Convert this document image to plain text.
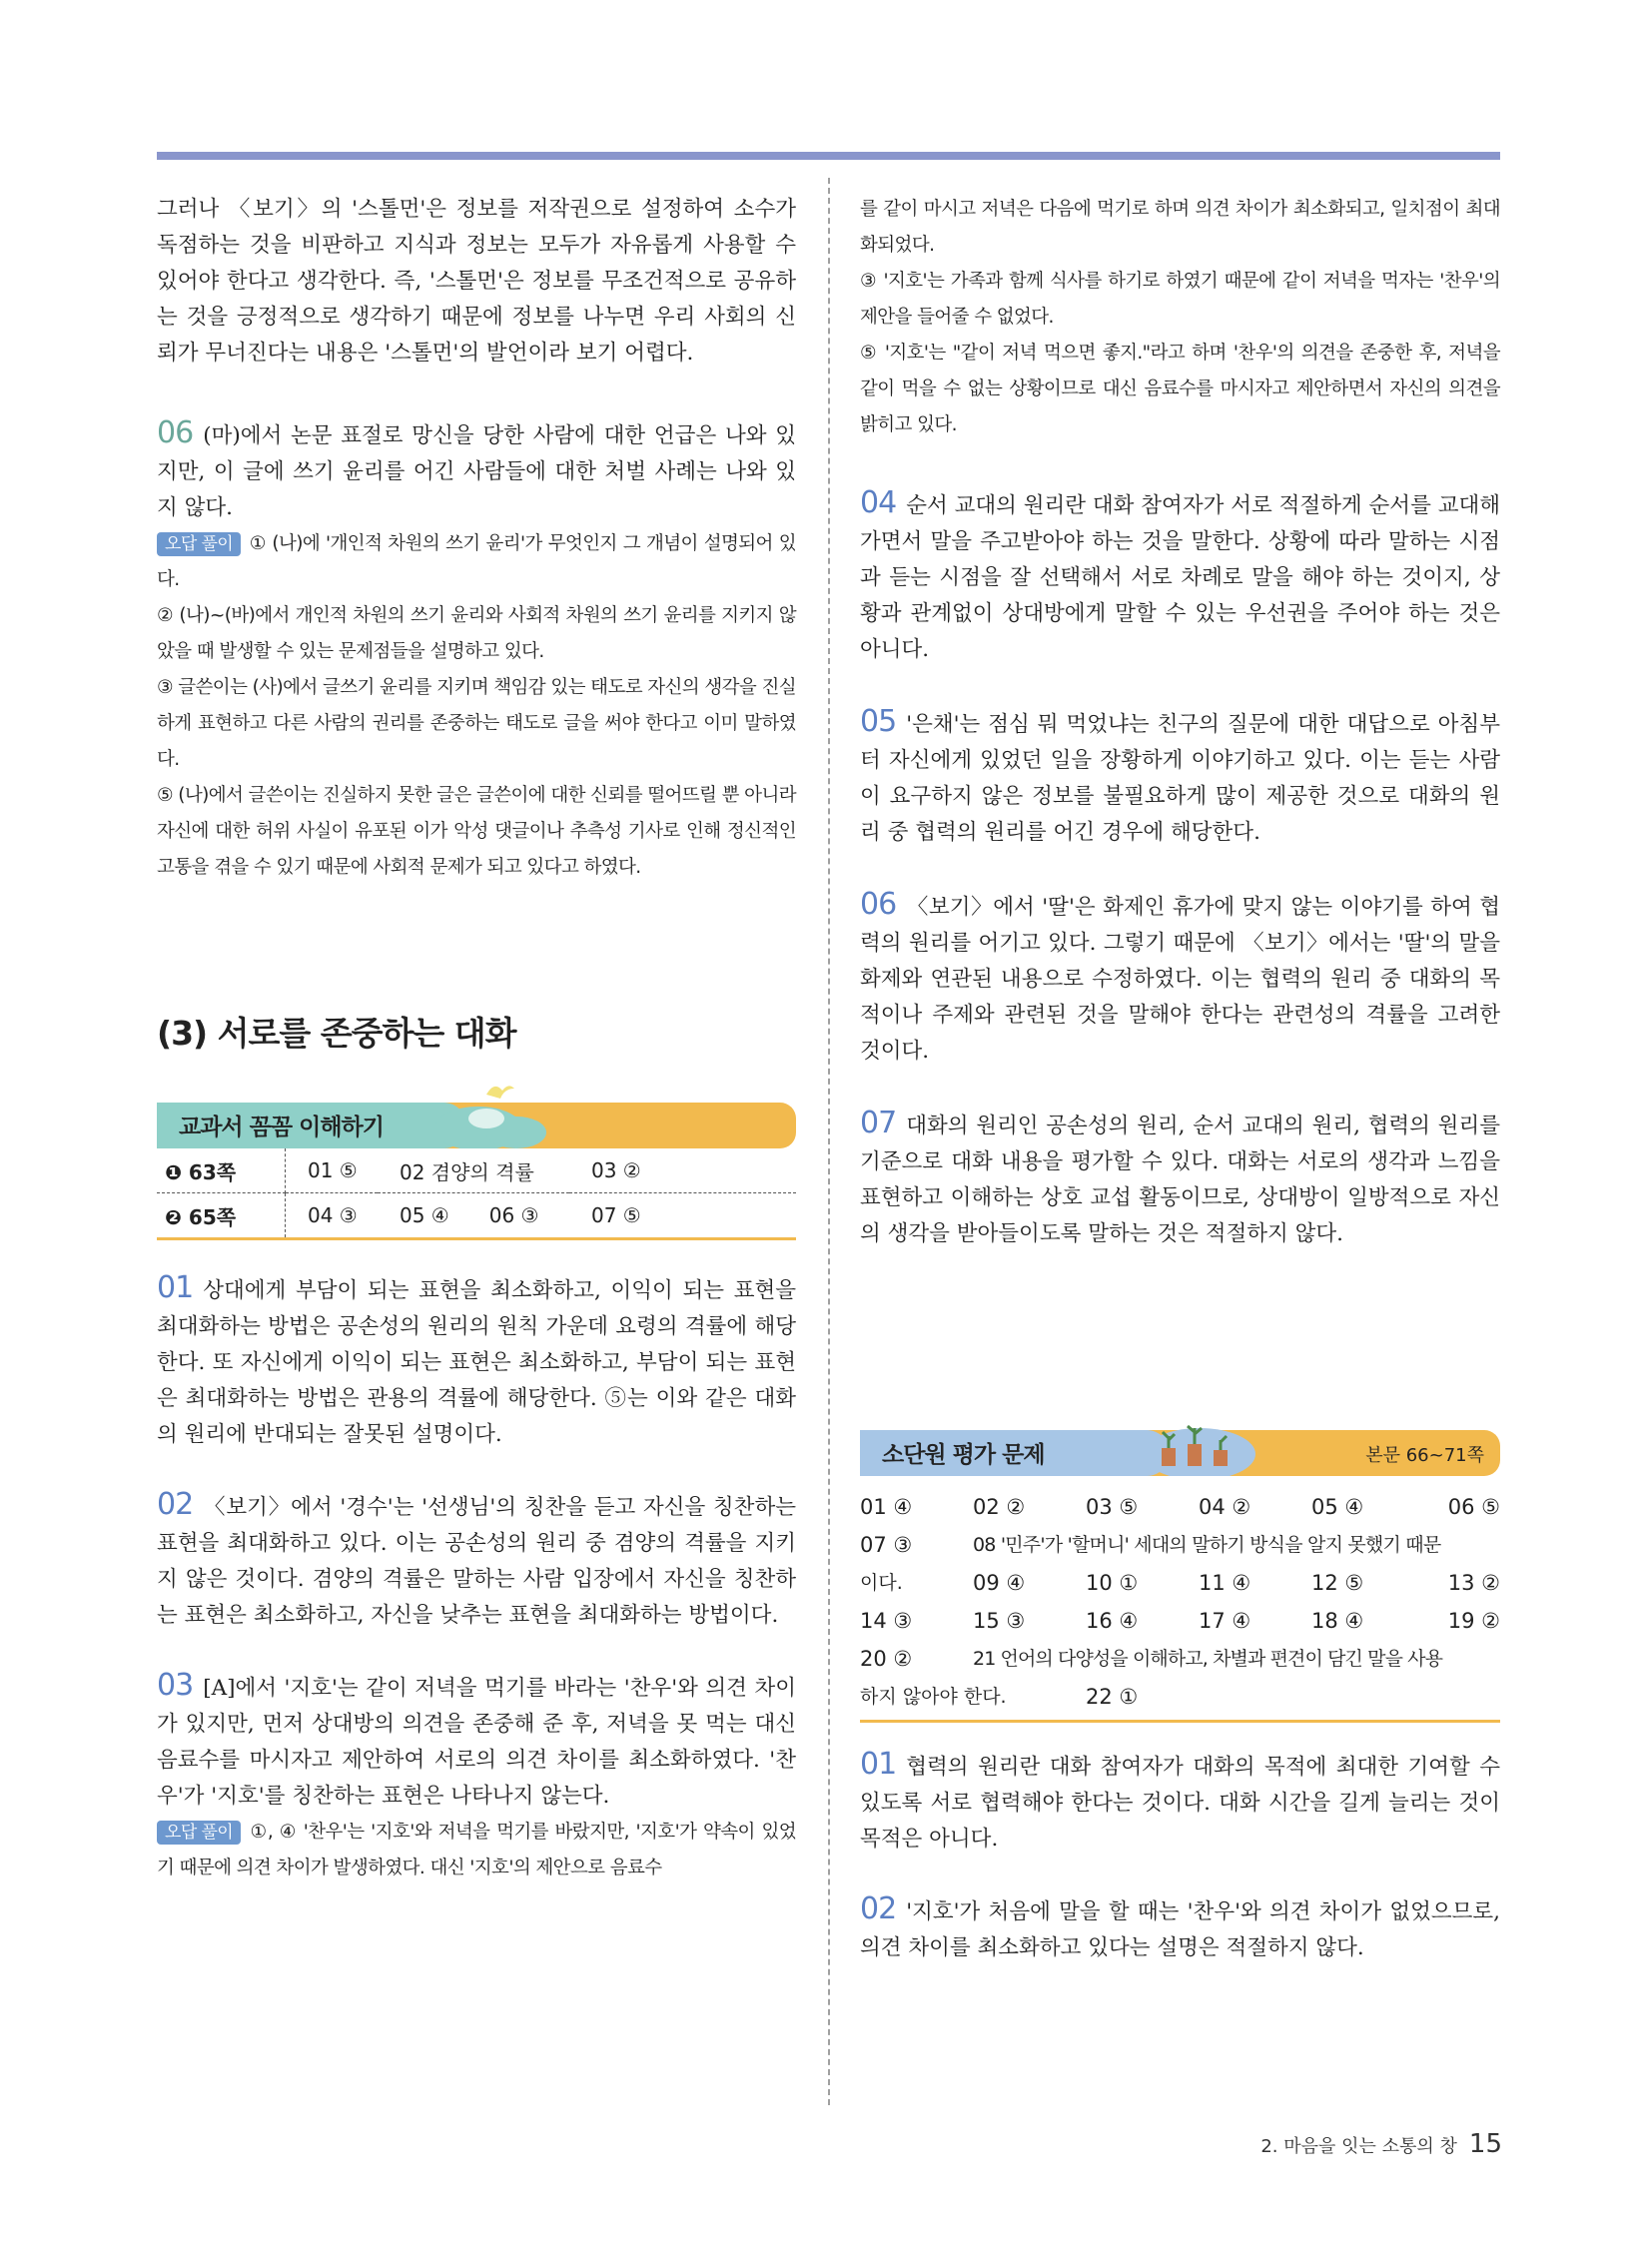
그러나 〈보기〉의 '스톨먼'은 정보를 저작권으로 설정하여 소수가 독점하는 것을 비판하고 지식과 정보는 모두가 자유롭게 사용할 수 있어야 한다고 생각한다. 즉, '스톨먼'은 정보를 무조건적으로 공유하는 것을 긍정적으로 생각하기 때문에 정보를 나누면 우리 사회의 신뢰가 무너진다는 내용은 '스톨먼'의 발언이라 보기 어렵다.

06 (마)에서 논문 표절로 망신을 당한 사람에 대한 언급은 나와 있지만, 이 글에 쓰기 윤리를 어긴 사람들에 대한 처벌 사례는 나와 있지 않다.

오답 풀이 ① (나)에 '개인적 차원의 쓰기 윤리'가 무엇인지 그 개념이 설명되어 있다.

② (나)~(바)에서 개인적 차원의 쓰기 윤리와 사회적 차원의 쓰기 윤리를 지키지 않았을 때 발생할 수 있는 문제점들을 설명하고 있다.

③ 글쓴이는 (사)에서 글쓰기 윤리를 지키며 책임감 있는 태도로 자신의 생각을 진실하게 표현하고 다른 사람의 권리를 존중하는 태도로 글을 써야 한다고 이미 말하였다.

⑤ (나)에서 글쓴이는 진실하지 못한 글은 글쓴이에 대한 신뢰를 떨어뜨릴 뿐 아니라 자신에 대한 허위 사실이 유포된 이가 악성 댓글이나 추측성 기사로 인해 정신적인 고통을 겪을 수 있기 때문에 사회적 문제가 되고 있다고 하였다.

(3) 서로를 존중하는 대화
교과서 꼼꼼 이해하기
❶ 63쪽	01 ⑤	02 겸양의 격률	03 ②
❷ 65쪽	04 ③	05 ④ 06 ③	07 ⑤

01 상대에게 부담이 되는 표현을 최소화하고, 이익이 되는 표현을 최대화하는 방법은 공손성의 원리의 원칙 가운데 요령의 격률에 해당한다. 또 자신에게 이익이 되는 표현은 최소화하고, 부담이 되는 표현은 최대화하는 방법은 관용의 격률에 해당한다. ⑤는 이와 같은 대화의 원리에 반대되는 잘못된 설명이다.

02 〈보기〉에서 '경수'는 '선생님'의 칭찬을 듣고 자신을 칭찬하는 표현을 최대화하고 있다. 이는 공손성의 원리 중 겸양의 격률을 지키지 않은 것이다. 겸양의 격률은 말하는 사람 입장에서 자신을 칭찬하는 표현은 최소화하고, 자신을 낮추는 표현을 최대화하는 방법이다.

03 [A]에서 '지호'는 같이 저녁을 먹기를 바라는 '찬우'와 의견 차이가 있지만, 먼저 상대방의 의견을 존중해 준 후, 저녁을 못 먹는 대신 음료수를 마시자고 제안하여 서로의 의견 차이를 최소화하였다. '찬우'가 '지호'를 칭찬하는 표현은 나타나지 않는다.

오답 풀이 ①, ④ '찬우'는 '지호'와 저녁을 먹기를 바랐지만, '지호'가 약속이 있었기 때문에 의견 차이가 발생하였다. 대신 '지호'의 제안으로 음료수

를 같이 마시고 저녁은 다음에 먹기로 하며 의견 차이가 최소화되고, 일치점이 최대화되었다.

③ '지호'는 가족과 함께 식사를 하기로 하였기 때문에 같이 저녁을 먹자는 '찬우'의 제안을 들어줄 수 없었다.

⑤ '지호'는 "같이 저녁 먹으면 좋지."라고 하며 '찬우'의 의견을 존중한 후, 저녁을 같이 먹을 수 없는 상황이므로 대신 음료수를 마시자고 제안하면서 자신의 의견을 밝히고 있다.

04 순서 교대의 원리란 대화 참여자가 서로 적절하게 순서를 교대해 가면서 말을 주고받아야 하는 것을 말한다. 상황에 따라 말하는 시점과 듣는 시점을 잘 선택해서 서로 차례로 말을 해야 하는 것이지, 상황과 관계없이 상대방에게 말할 수 있는 우선권을 주어야 하는 것은 아니다.

05 '은채'는 점심 뭐 먹었냐는 친구의 질문에 대한 대답으로 아침부터 자신에게 있었던 일을 장황하게 이야기하고 있다. 이는 듣는 사람이 요구하지 않은 정보를 불필요하게 많이 제공한 것으로 대화의 원리 중 협력의 원리를 어긴 경우에 해당한다.

06 〈보기〉에서 '딸'은 화제인 휴가에 맞지 않는 이야기를 하여 협력의 원리를 어기고 있다. 그렇기 때문에 〈보기〉에서는 '딸'의 말을 화제와 연관된 내용으로 수정하였다. 이는 협력의 원리 중 대화의 목적이나 주제와 관련된 것을 말해야 한다는 관련성의 격률을 고려한 것이다.

07 대화의 원리인 공손성의 원리, 순서 교대의 원리, 협력의 원리를 기준으로 대화 내용을 평가할 수 있다. 대화는 서로의 생각과 느낌을 표현하고 이해하는 상호 교섭 활동이므로, 상대방이 일방적으로 자신의 생각을 받아들이도록 말하는 것은 적절하지 않다.

소단원 평가 문제	본문 66~71쪽
01 ④	02 ②	03 ⑤	04 ②	05 ④	06 ⑤
07 ③	08 '민주'가 '할머니' 세대의 말하기 방식을 알지 못했기 때문
이다.	09 ④	10 ①	11 ④	12 ⑤	13 ②
14 ③	15 ③	16 ④	17 ④	18 ④	19 ②
20 ②	21 언어의 다양성을 이해하고, 차별과 편견이 담긴 말을 사용
하지 않아야 한다.	22 ①

01 협력의 원리란 대화 참여자가 대화의 목적에 최대한 기여할 수 있도록 서로 협력해야 한다는 것이다. 대화 시간을 길게 늘리는 것이 목적은 아니다.

02 '지호'가 처음에 말을 할 때는 '찬우'와 의견 차이가 없었으므로, 의견 차이를 최소화하고 있다는 설명은 적절하지 않다.

2. 마음을 잇는 소통의 창 15
